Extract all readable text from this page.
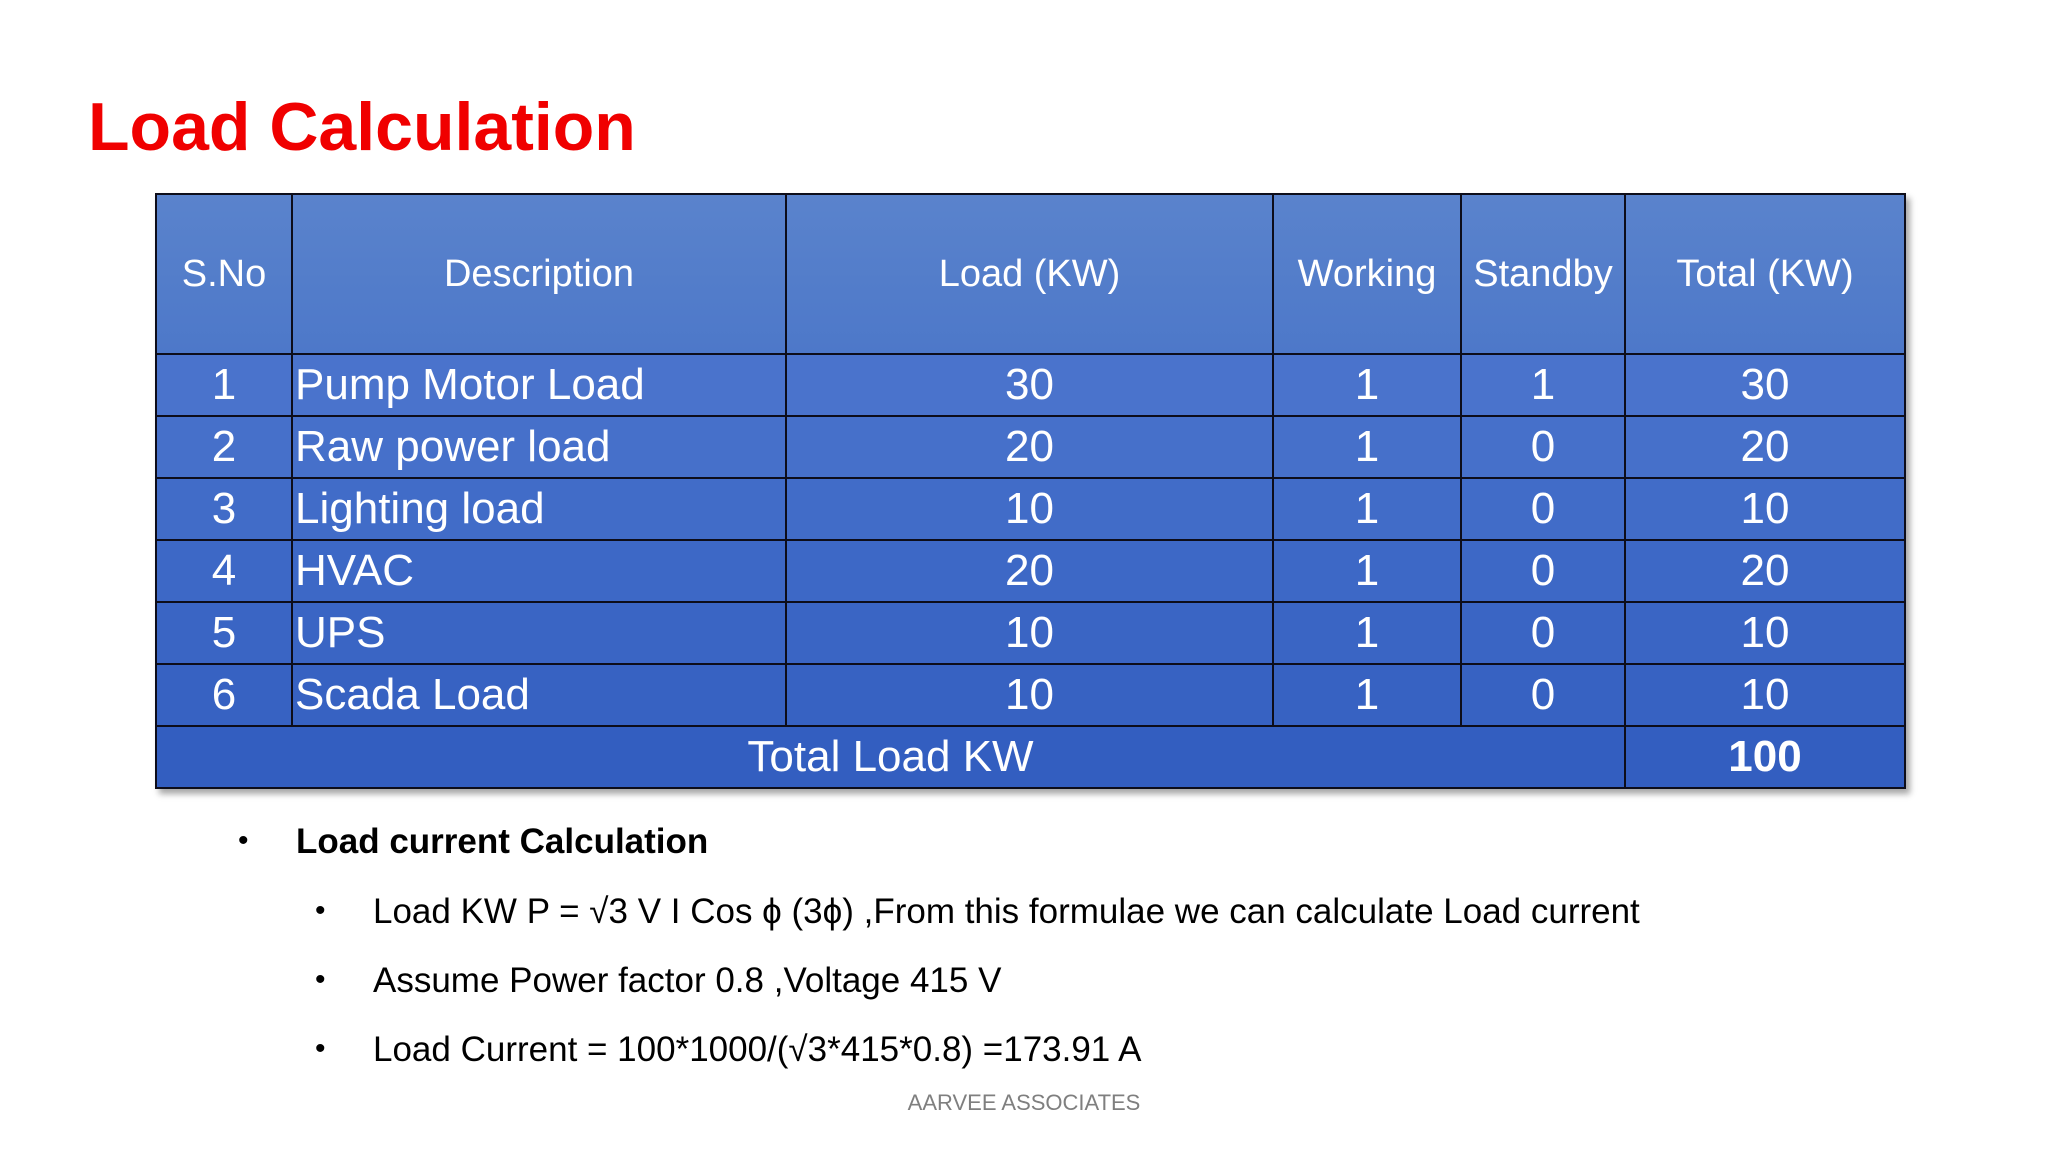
Load Calculation
S.No	Description	Load (KW)	Working	Standby	Total (KW)
1	Pump Motor Load	30	1	1	30
2	Raw power load	20	1	0	20
3	Lighting load	10	1	0	10
4	HVAC	20	1	0	20
5	UPS	10	1	0	10
6	Scada Load	10	1	0	10
Total Load KW					100
• Load current Calculation
• Load KW P = √3 V I Cos ϕ (3ϕ) ,From this formulae we can calculate Load current
• Assume Power factor 0.8 ,Voltage 415 V
• Load Current = 100*1000/(√3*415*0.8) =173.91 A
AARVEE ASSOCIATES
